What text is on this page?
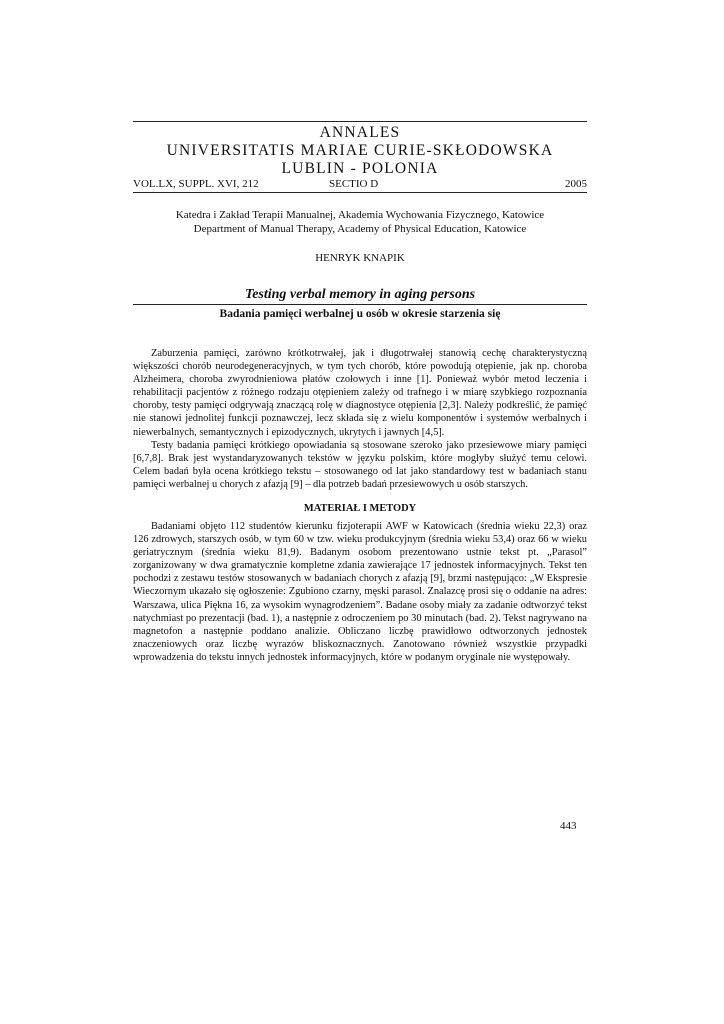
ANNALES
UNIVERSITATIS MARIAE CURIE-SKŁODOWSKA
LUBLIN - POLONIA
VOL.LX, SUPPL. XVI, 212	SECTIO D	2005
Katedra i Zakład Terapii Manualnej, Akademia Wychowania Fizycznego, Katowice
Department of Manual Therapy, Academy of Physical Education, Katowice
HENRYK KNAPIK
Testing verbal memory in aging persons
Badania pamięci werbalnej u osób w okresie starzenia się

Zaburzenia pamięci, zarówno krótkotrwałej, jak i długotrwałej stanowią cechę charakterystyczną większości chorób neurodegeneracyjnych, w tym tych chorób, które powodują otępienie, jak np. choroba Alzheimera, choroba zwyrodnieniowa płatów czołowych i inne [1]. Ponieważ wybór metod leczenia i rehabilitacji pacjentów z różnego rodzaju otępieniem zależy od trafnego i w miarę szybkiego rozpoznania choroby, testy pamięci odgrywają znaczącą rolę w diagnostyce otępienia [2,3]. Należy podkreślić, że pamięć nie stanowi jednolitej funkcji poznawczej, lecz składa się z wielu komponentów i systemów werbalnych i niewerbalnych, semantycznych i epizodycznych, ukrytych i jawnych [4,5].

Testy badania pamięci krótkiego opowiadania są stosowane szeroko jako przesiewowe miary pamięci [6,7,8]. Brak jest wystandaryzowanych tekstów w języku polskim, które mogłyby służyć temu celowi. Celem badań była ocena krótkiego tekstu – stosowanego od lat jako standardowy test w badaniach stanu pamięci werbalnej u chorych z afazją [9] – dla potrzeb badań przesiewowych u osób starszych.

MATERIAŁ I METODY

Badaniami objęto 112 studentów kierunku fizjoterapii AWF w Katowicach (średnia wieku 22,3) oraz 126 zdrowych, starszych osób, w tym 60 w tzw. wieku produkcyjnym (średnia wieku 53,4) oraz 66 w wieku geriatrycznym (średnia wieku 81,9). Badanym osobom prezentowano ustnie tekst pt. „Parasol” zorganizowany w dwa gramatycznie kompletne zdania zawierające 17 jednostek informacyjnych. Tekst ten pochodzi z zestawu testów stosowanych w badaniach chorych z afazją [9], brzmi następująco: „W Ekspresie Wieczornym ukazało się ogłoszenie: Zgubiono czarny, męski parasol. Znalazcę prosi się o oddanie na adres: Warszawa, ulica Piękna 16, za wysokim wynagrodzeniem”. Badane osoby miały za zadanie odtworzyć tekst natychmiast po prezentacji (bad. 1), a następnie z odroczeniem po 30 minutach (bad. 2). Tekst nagrywano na magnetofon a następnie poddano analizie. Obliczano liczbę prawidłowo odtworzonych jednostek znaczeniowych oraz liczbę wyrazów bliskoznacznych. Zanotowano również wszystkie przypadki wprowadzenia do tekstu innych jednostek informacyjnych, które w podanym oryginale nie występowały.

443
